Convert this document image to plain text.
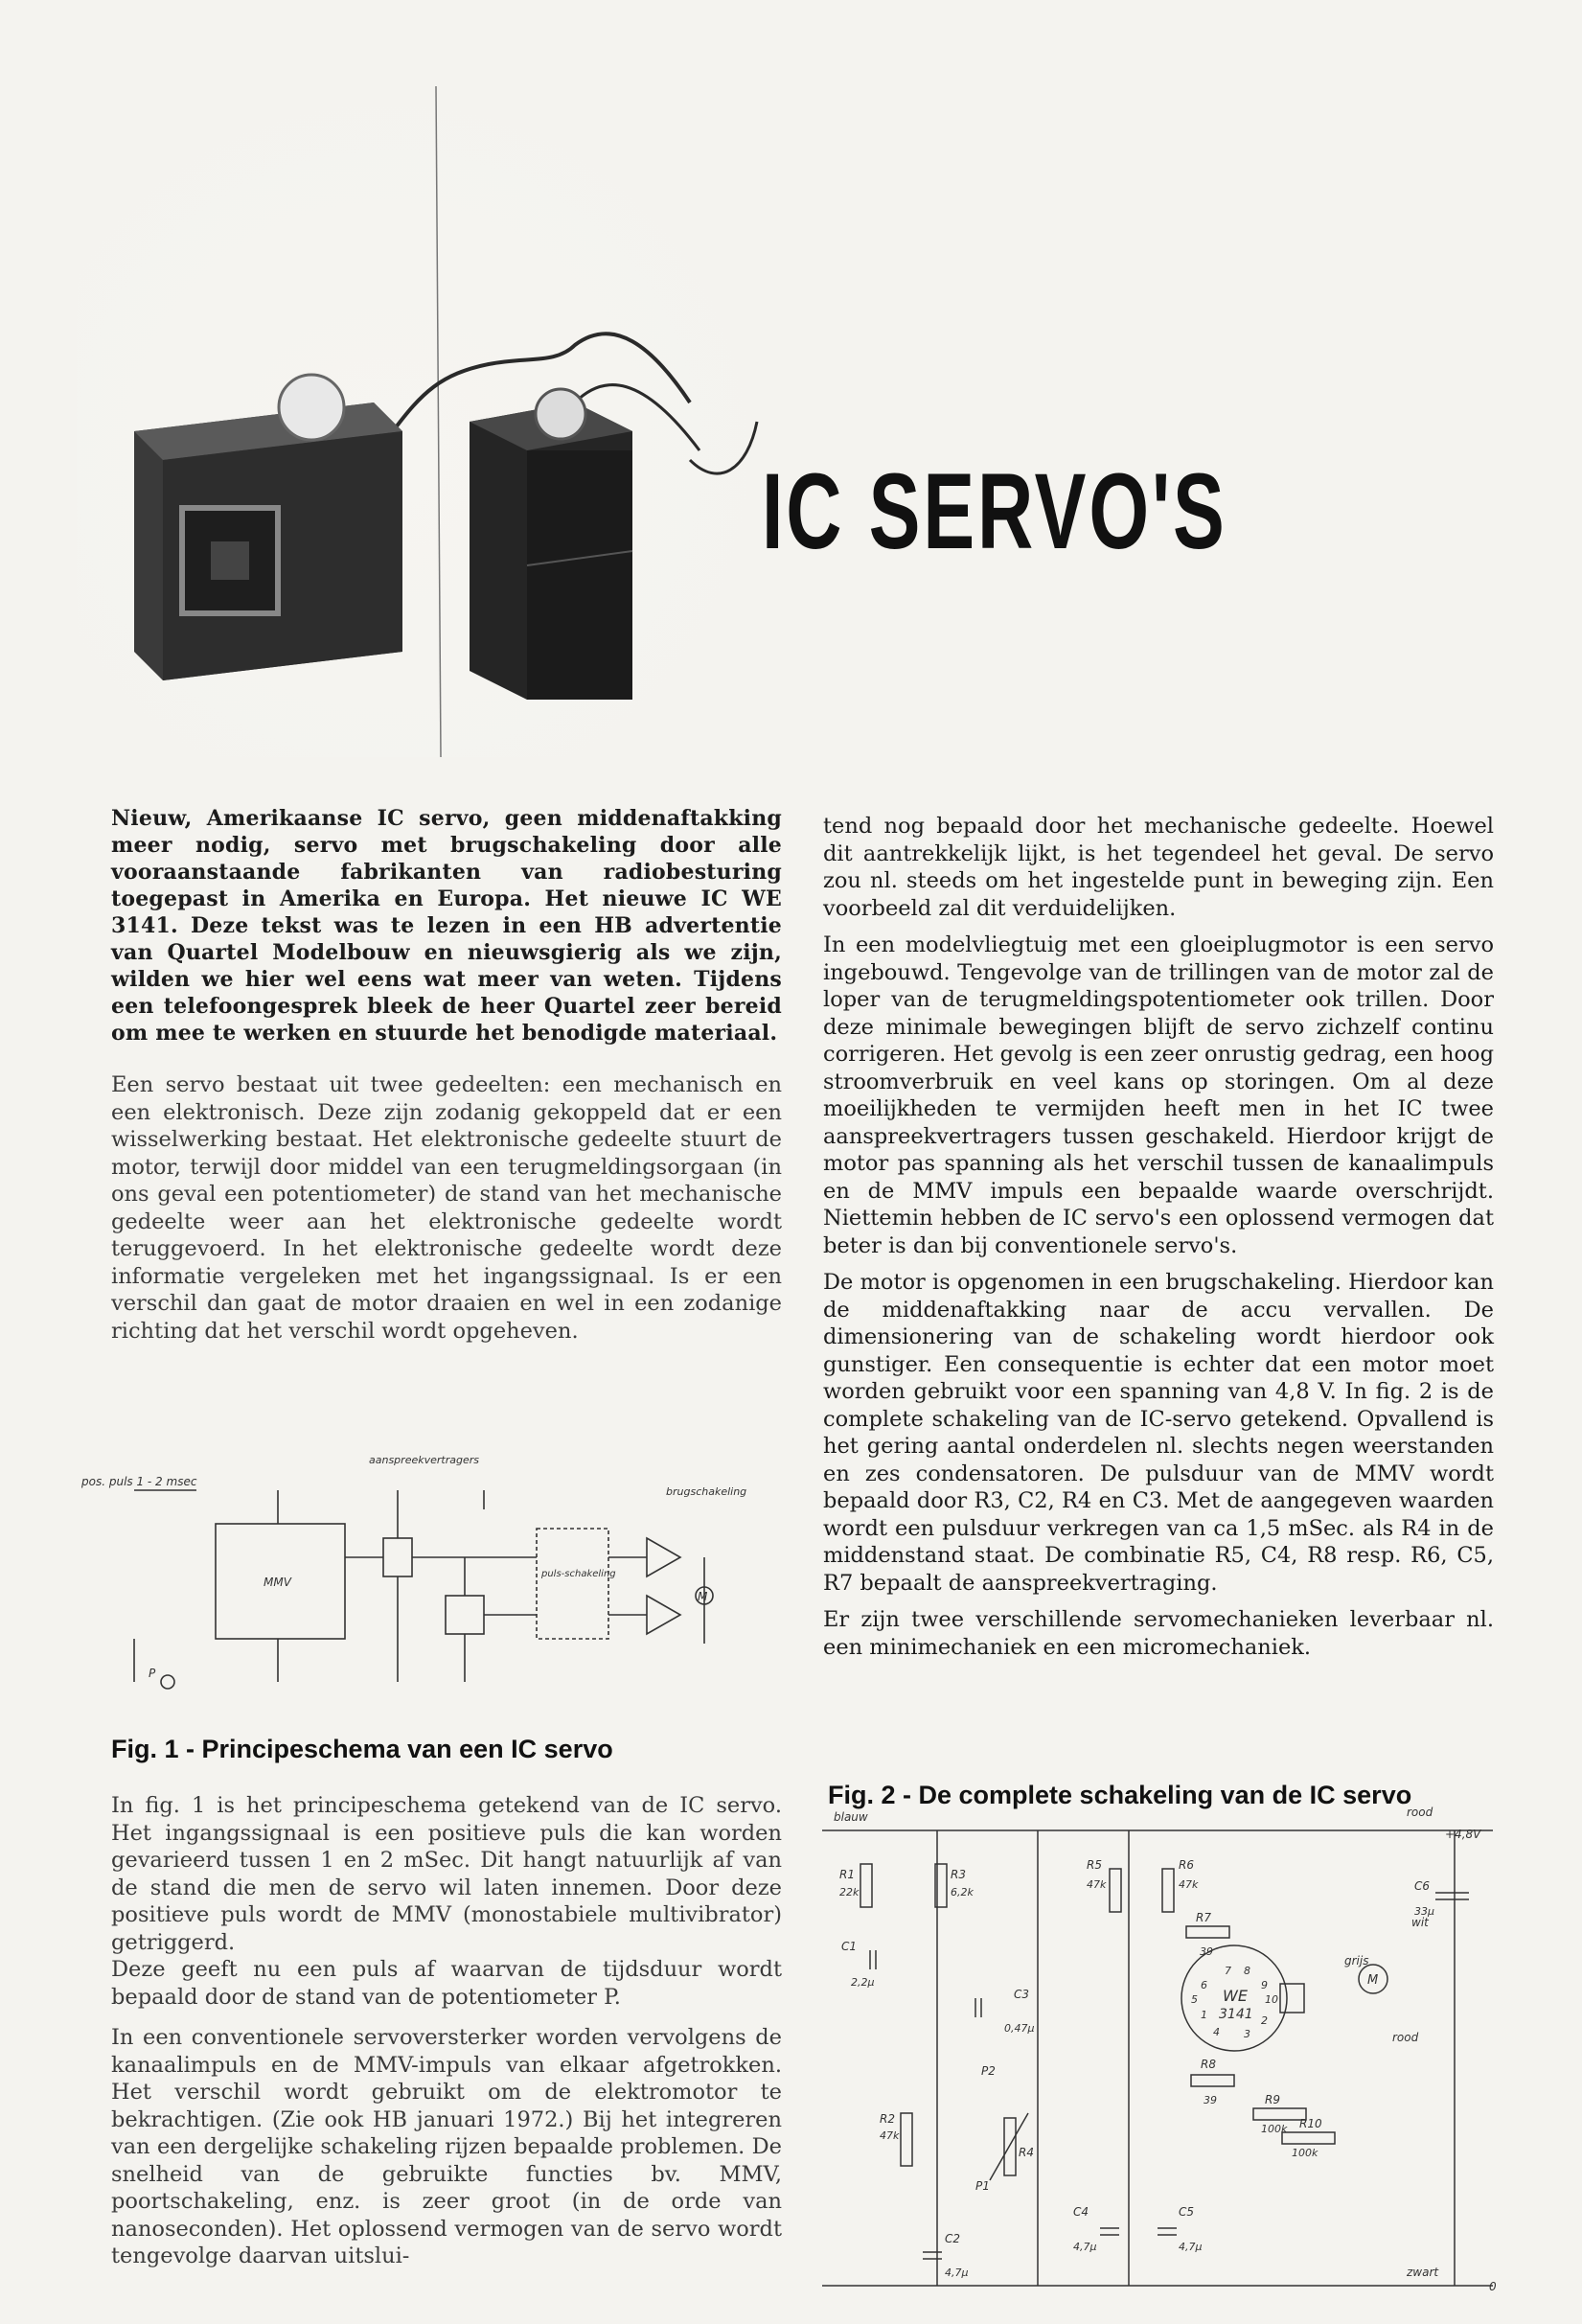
IC SERVO'S

Nieuw, Amerikaanse IC servo, geen middenaftakking meer nodig, servo met brugschakeling door alle vooraanstaande fabrikanten van radiobesturing toegepast in Amerika en Europa. Het nieuwe IC WE 3141. Deze tekst was te lezen in een HB advertentie van Quartel Modelbouw en nieuwsgierig als we zijn, wilden we hier wel eens wat meer van weten. Tijdens een telefoongesprek bleek de heer Quartel zeer bereid om mee te werken en stuurde het benodigde materiaal.

Een servo bestaat uit twee gedeelten: een mechanisch en een elektronisch. Deze zijn zodanig gekoppeld dat er een wisselwerking bestaat. Het elektronische gedeelte stuurt de motor, terwijl door middel van een terugmeldingsorgaan (in ons geval een potentiometer) de stand van het mechanische gedeelte weer aan het elektronische gedeelte wordt teruggevoerd. In het elektronische gedeelte wordt deze informatie vergeleken met het ingangssignaal. Is er een verschil dan gaat de motor draaien en wel in een zodanige richting dat het verschil wordt opgeheven.

pos. puls 1 - 2 msec
aanspreekvertragers
brugschakeling
MMV
puls-schakeling
M
P
Fig. 1 - Principeschema van een IC servo

In fig. 1 is het principeschema getekend van de IC servo. Het ingangssignaal is een positieve puls die kan worden gevarieerd tussen 1 en 2 mSec. Dit hangt natuurlijk af van de stand die men de servo wil laten innemen. Door deze positieve puls wordt de MMV (monostabiele multivibrator) getriggerd.

Deze geeft nu een puls af waarvan de tijdsduur wordt bepaald door de stand van de potentiometer P.

In een conventionele servoversterker worden vervolgens de kanaalimpuls en de MMV-impuls van elkaar afgetrokken. Het verschil wordt gebruikt om de elektromotor te bekrachtigen. (Zie ook HB januari 1972.) Bij het integreren van een dergelijke schakeling rijzen bepaalde problemen. De snelheid van de gebruikte functies bv. MMV, poortschakeling, enz. is zeer groot (in de orde van nanoseconden). Het oplossend vermogen van de servo wordt tengevolge daarvan uitslui-

tend nog bepaald door het mechanische gedeelte. Hoewel dit aantrekkelijk lijkt, is het tegendeel het geval. De servo zou nl. steeds om het ingestelde punt in beweging zijn. Een voorbeeld zal dit verduidelijken.

In een modelvliegtuig met een gloeiplugmotor is een servo ingebouwd. Tengevolge van de trillingen van de motor zal de loper van de terugmeldingspotentiometer ook trillen. Door deze minimale bewegingen blijft de servo zichzelf continu corrigeren. Het gevolg is een zeer onrustig gedrag, een hoog stroomverbruik en veel kans op storingen. Om al deze moeilijkheden te vermijden heeft men in het IC twee aanspreekvertragers tussen geschakeld. Hierdoor krijgt de motor pas spanning als het verschil tussen de kanaalimpuls en de MMV impuls een bepaalde waarde overschrijdt. Niettemin hebben de IC servo's een oplossend vermogen dat beter is dan bij conventionele servo's.

De motor is opgenomen in een brugschakeling. Hierdoor kan de middenaftakking naar de accu vervallen. De dimensionering van de schakeling wordt hierdoor ook gunstiger. Een consequentie is echter dat een motor moet worden gebruikt voor een spanning van 4,8 V. In fig. 2 is de complete schakeling van de IC-servo getekend. Opvallend is het gering aantal onderdelen nl. slechts negen weerstanden en zes condensatoren. De pulsduur van de MMV wordt bepaald door R3, C2, R4 en C3. Met de aangegeven waarden wordt een pulsduur verkregen van ca 1,5 mSec. als R4 in de middenstand staat. De combinatie R5, C4, R8 resp. R6, C5, R7 bepaalt de aanspreekvertraging.

Er zijn twee verschillende servomechanieken leverbaar nl. een minimechaniek en een micromechaniek.

Fig. 2 - De complete schakeling van de IC servo
blauw	rood
+4,8V
R1
22k
R3
6,2k
R5
47k
R6
47k
R7
39
C6
33μ
C1
2,2μ
C3
0,47μ
WE
3141
7 8
6
5
9
10
1
4 3
2
wit
grijs
M
rood
P2
R2
47k
R4
R8
39	R9
100k R10
100k
P1
C4
4,7μ
C5
4,7μ
C2
4,7μ	zwart
0
